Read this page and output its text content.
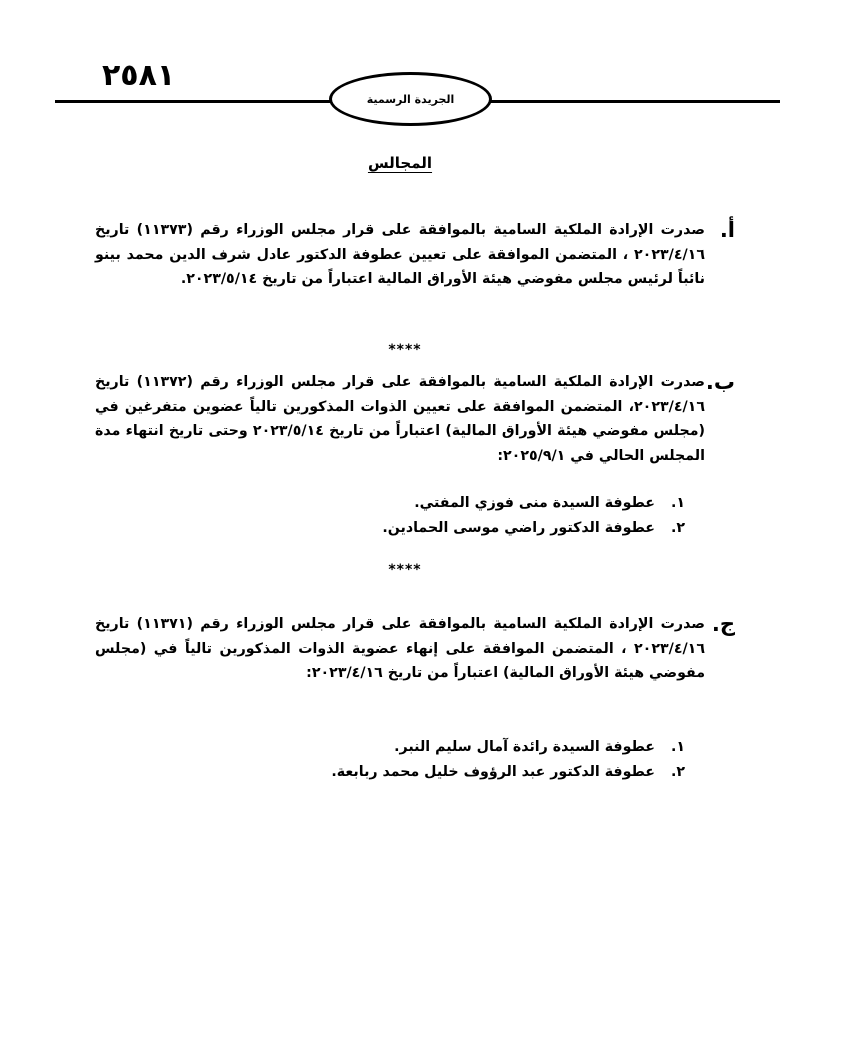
٢٥٨١
الجريدة الرسمية
المجالس
أ.
صدرت الإرادة الملكية السامية بالموافقة على قرار مجلس الوزراء رقم (١١٣٧٣) تاريخ ٢٠٢٣/٤/١٦ ، المتضمن الموافقة على تعيين عطوفة الدكتور عادل شرف الدين محمد بينو نائباً لرئيس مجلس مفوضي هيئة الأوراق المالية اعتباراً من تاريخ ٢٠٢٣/٥/١٤.
****
ب.
صدرت الإرادة الملكية السامية بالموافقة على قرار مجلس الوزراء رقم (١١٣٧٢) تاريخ ٢٠٢٣/٤/١٦، المتضمن الموافقة على تعيين الذوات المذكورين تالياً عضوين متفرغين في (مجلس مفوضي هيئة الأوراق المالية) اعتباراً من تاريخ ٢٠٢٣/٥/١٤ وحتى تاريخ انتهاء مدة المجلس الحالي في ٢٠٢٥/٩/١:
١.
عطوفة السيدة منى فوزي المفتي.
٢.
عطوفة الدكتور راضي موسى الحمادين.
****
ج.
صدرت الإرادة الملكية السامية بالموافقة على قرار مجلس الوزراء رقم (١١٣٧١) تاريخ ٢٠٢٣/٤/١٦ ، المتضمن الموافقة على إنهاء عضوية الذوات المذكورين تالياً في (مجلس مفوضي هيئة الأوراق المالية) اعتباراً من تاريخ ٢٠٢٣/٤/١٦:
١.
عطوفة السيدة رائدة آمال سليم النبر.
٢.
عطوفة الدكتور عبد الرؤوف خليل محمد ربابعة.
